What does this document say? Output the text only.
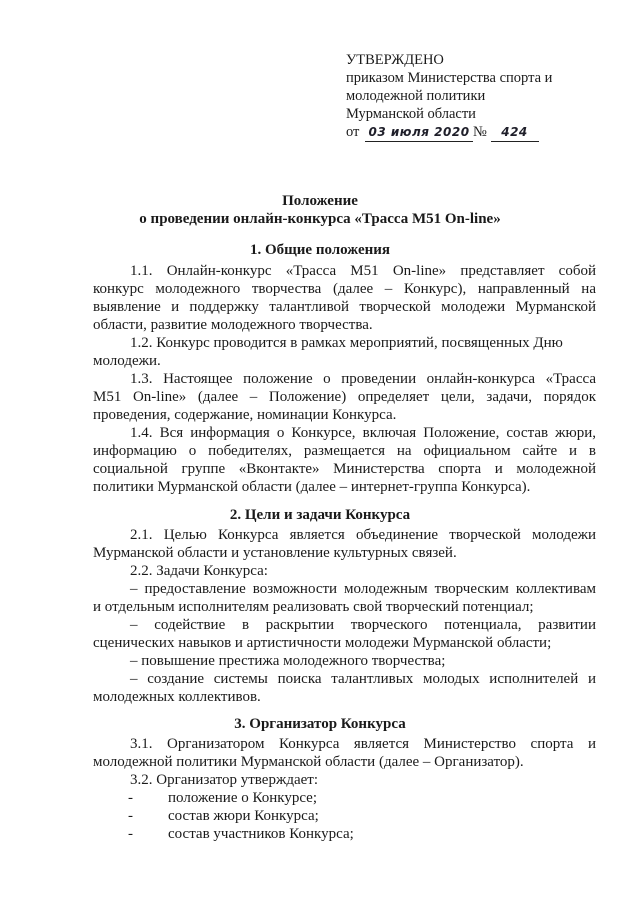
УТВЕРЖДЕНО
приказом Министерства спорта и
молодежной политики
Мурманской области
от 03 июля 2020 № 424
Положение
о проведении онлайн-конкурса «Трасса М51 On-line»
1. Общие положения
1.1. Онлайн-конкурс «Трасса М51 On-line» представляет собой
конкурс молодежного творчества (далее – Конкурс), направленный на
выявление и поддержку талантливой творческой молодежи Мурманской
области, развитие молодежного творчества.
1.2. Конкурс проводится в рамках мероприятий, посвященных Дню
молодежи.
1.3. Настоящее положение о проведении онлайн-конкурса «Трасса
М51 On-line» (далее – Положение) определяет цели, задачи, порядок
проведения, содержание, номинации Конкурса.
1.4. Вся информация о Конкурсе, включая Положение, состав жюри,
информацию о победителях, размещается на официальном сайте и в
социальной группе «Вконтакте» Министерства спорта и молодежной
политики Мурманской области (далее – интернет-группа Конкурса).
2. Цели и задачи Конкурса
2.1. Целью Конкурса является объединение творческой молодежи
Мурманской области и установление культурных связей.
2.2. Задачи Конкурса:
– предоставление возможности молодежным творческим коллективам
и отдельным исполнителям реализовать свой творческий потенциал;
– содействие в раскрытии творческого потенциала, развитии
сценических навыков и артистичности молодежи Мурманской области;
– повышение престижа молодежного творчества;
– создание системы поиска талантливых молодых исполнителей и
молодежных коллективов.
3. Организатор Конкурса
3.1. Организатором Конкурса является Министерство спорта и
молодежной политики Мурманской области (далее – Организатор).
3.2. Организатор утверждает:
- положение о Конкурсе;
- состав жюри Конкурса;
- состав участников Конкурса;
